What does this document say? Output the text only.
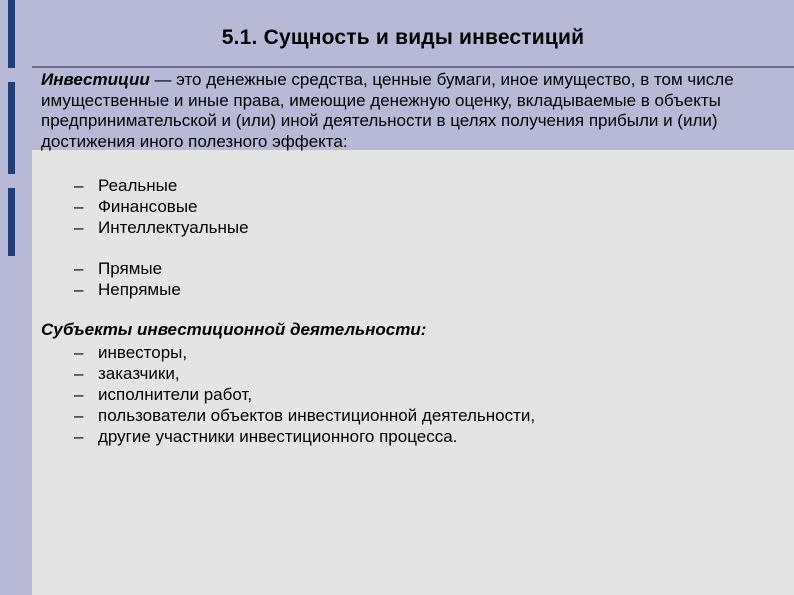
5.1. Сущность и виды инвестиций
Инвестиции — это денежные средства, ценные бумаги, иное имущество, в том числе имущественные и иные права, имеющие денежную оценку, вкладываемые в объекты предпринимательской и (или) иной деятельности в целях получения прибыли и (или) достижения иного полезного эффекта:
– Реальные
– Финансовые
– Интеллектуальные
– Прямые
– Непрямые
Субъекты инвестиционной деятельности:
– инвесторы,
– заказчики,
– исполнители работ,
– пользователи объектов инвестиционной деятельности,
– другие участники инвестиционного процесса.
